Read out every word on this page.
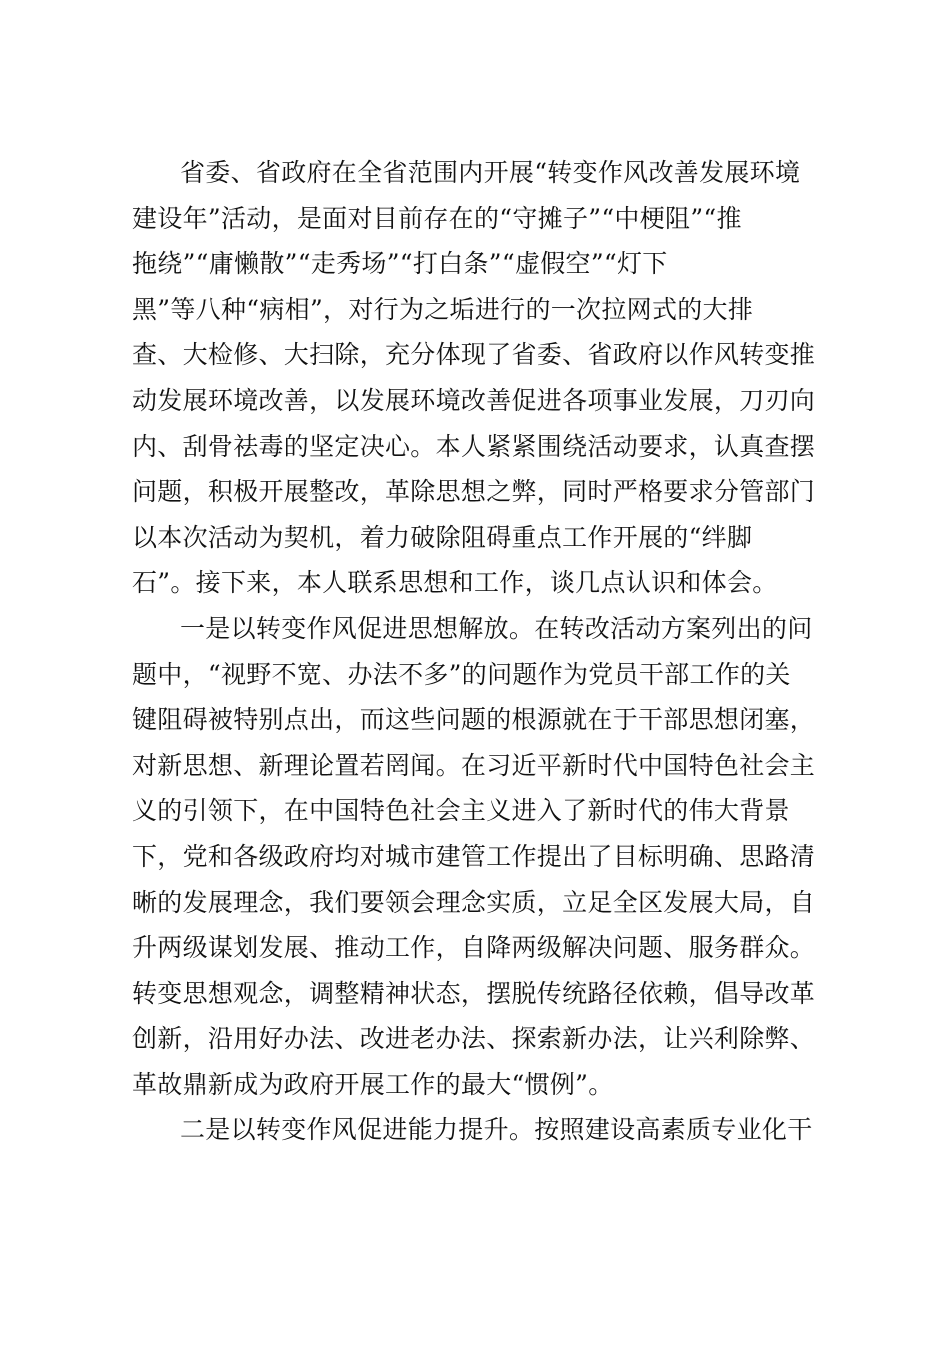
省委、省政府在全省范围内开展“转变作风改善发展环境
建设年”活动，是面对目前存在的“守摊子”“中梗阻”“推
拖绕”“庸懒散”“走秀场”“打白条”“虚假空”“灯下
黑”等八种“病相”，对行为之垢进行的一次拉网式的大排
查、大检修、大扫除，充分体现了省委、省政府以作风转变推
动发展环境改善，以发展环境改善促进各项事业发展，刀刃向
内、刮骨祛毒的坚定决心。本人紧紧围绕活动要求，认真查摆
问题，积极开展整改，革除思想之弊，同时严格要求分管部门
以本次活动为契机，着力破除阻碍重点工作开展的“绊脚
石”。接下来，本人联系思想和工作，谈几点认识和体会。
一是以转变作风促进思想解放。在转改活动方案列出的问
题中，“视野不宽、办法不多”的问题作为党员干部工作的关
键阻碍被特别点出，而这些问题的根源就在于干部思想闭塞，
对新思想、新理论置若罔闻。在习近平新时代中国特色社会主
义的引领下，在中国特色社会主义进入了新时代的伟大背景
下，党和各级政府均对城市建管工作提出了目标明确、思路清
晰的发展理念，我们要领会理念实质，立足全区发展大局，自
升两级谋划发展、推动工作，自降两级解决问题、服务群众。
转变思想观念，调整精神状态，摆脱传统路径依赖，倡导改革
创新，沿用好办法、改进老办法、探索新办法，让兴利除弊、
革故鼎新成为政府开展工作的最大“惯例”。
二是以转变作风促进能力提升。按照建设高素质专业化干
